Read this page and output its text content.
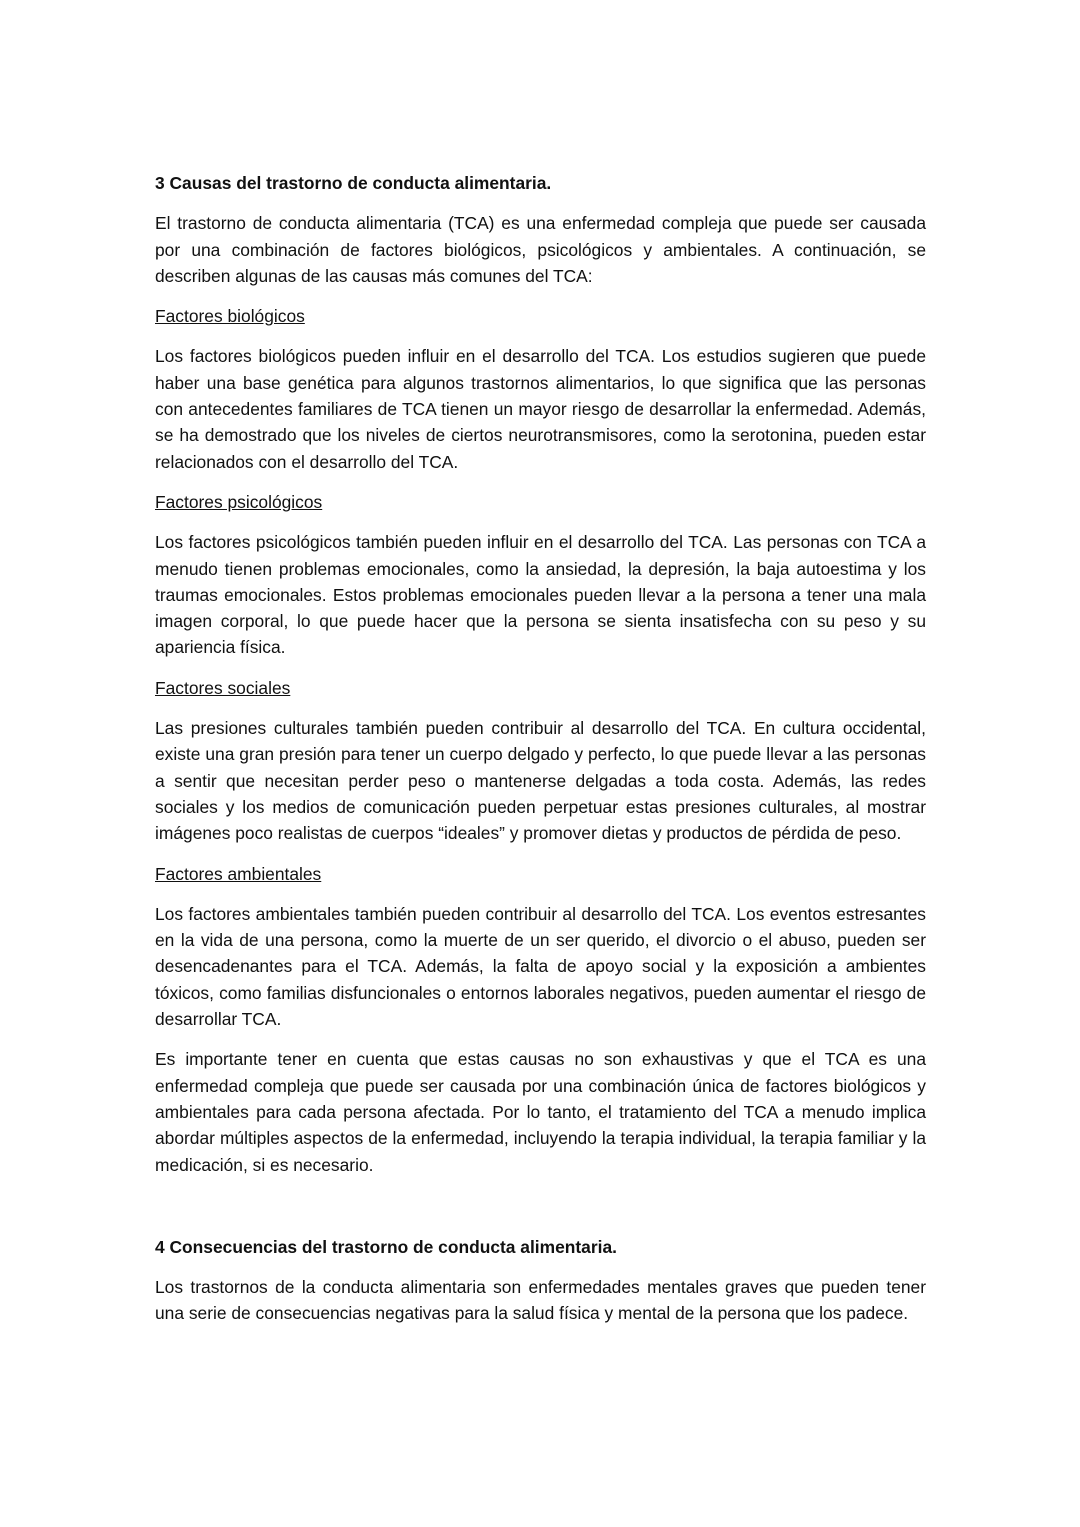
3 Causas del trastorno de conducta alimentaria.

El trastorno de conducta alimentaria (TCA) es una enfermedad compleja que puede ser causada por una combinación de factores biológicos, psicológicos y ambientales. A continuación, se describen algunas de las causas más comunes del TCA:

Factores biológicos

Los factores biológicos pueden influir en el desarrollo del TCA. Los estudios sugieren que puede haber una base genética para algunos trastornos alimentarios, lo que significa que las personas con antecedentes familiares de TCA tienen un mayor riesgo de desarrollar la enfermedad. Además, se ha demostrado que los niveles de ciertos neurotransmisores, como la serotonina, pueden estar relacionados con el desarrollo del TCA.

Factores psicológicos

Los factores psicológicos también pueden influir en el desarrollo del TCA. Las personas con TCA a menudo tienen problemas emocionales, como la ansiedad, la depresión, la baja autoestima y los traumas emocionales. Estos problemas emocionales pueden llevar a la persona a tener una mala imagen corporal, lo que puede hacer que la persona se sienta insatisfecha con su peso y su apariencia física.

Factores sociales

Las presiones culturales también pueden contribuir al desarrollo del TCA. En cultura occidental, existe una gran presión para tener un cuerpo delgado y perfecto, lo que puede llevar a las personas a sentir que necesitan perder peso o mantenerse delgadas a toda costa. Además, las redes sociales y los medios de comunicación pueden perpetuar estas presiones culturales, al mostrar imágenes poco realistas de cuerpos “ideales” y promover dietas y productos de pérdida de peso.

Factores ambientales

Los factores ambientales también pueden contribuir al desarrollo del TCA. Los eventos estresantes en la vida de una persona, como la muerte de un ser querido, el divorcio o el abuso, pueden ser desencadenantes para el TCA. Además, la falta de apoyo social y la exposición a ambientes tóxicos, como familias disfuncionales o entornos laborales negativos, pueden aumentar el riesgo de desarrollar TCA.

Es importante tener en cuenta que estas causas no son exhaustivas y que el TCA es una enfermedad compleja que puede ser causada por una combinación única de factores biológicos y ambientales para cada persona afectada. Por lo tanto, el tratamiento del TCA a menudo implica abordar múltiples aspectos de la enfermedad, incluyendo la terapia individual, la terapia familiar y la medicación, si es necesario.

4 Consecuencias del trastorno de conducta alimentaria.

Los trastornos de la conducta alimentaria son enfermedades mentales graves que pueden tener una serie de consecuencias negativas para la salud física y mental de la persona que los padece.
